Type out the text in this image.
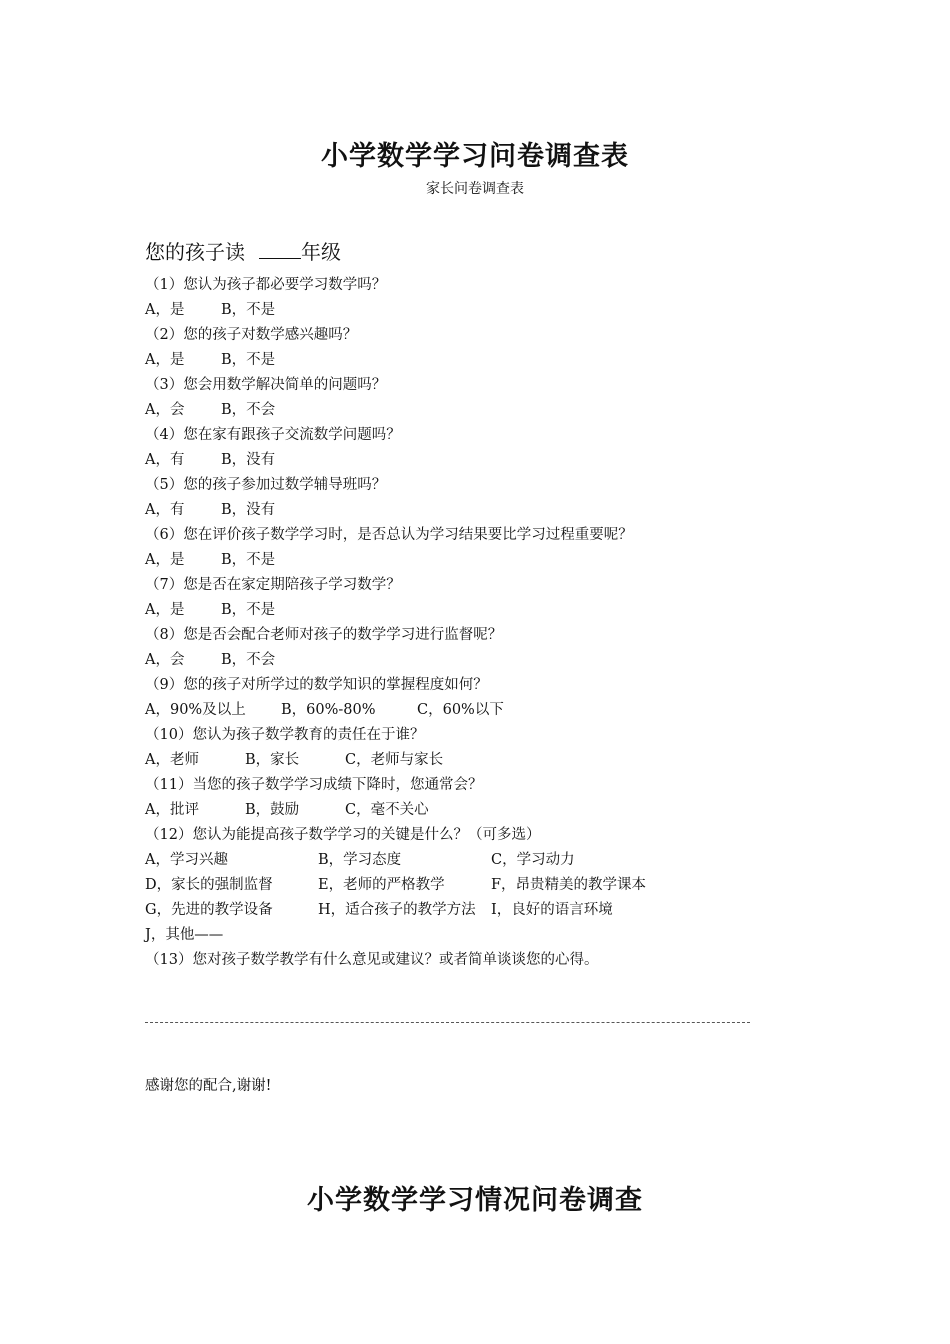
小学数学学习问卷调查表
家长问卷调查表
您的孩子读	年级
（1）您认为孩子都必要学习数学吗？
A，是	B，不是
（2）您的孩子对数学感兴趣吗？
A，是	B，不是
（3）您会用数学解决简单的问题吗？
A，会	B，不会
（4）您在家有跟孩子交流数学问题吗？
A，有	B，没有
（5）您的孩子参加过数学辅导班吗？
A，有	B，没有
（6）您在评价孩子数学学习时，是否总认为学习结果要比学习过程重要呢？
A，是	B，不是
（7）您是否在家定期陪孩子学习数学？
A，是	B，不是
（8）您是否会配合老师对孩子的数学学习进行监督呢？
A，会	B，不会
（9）您的孩子对所学过的数学知识的掌握程度如何？
A，90%及以上	B，60%-80%	C，60%以下
（10）您认为孩子数学教育的责任在于谁？
A，老师	B，家长	C，老师与家长
（11）当您的孩子数学学习成绩下降时，您通常会？
A，批评	B，鼓励	C，毫不关心
（12）您认为能提高孩子数学学习的关键是什么？（可多选）
A，学习兴趣	B，学习态度	C，学习动力
D，家长的强制监督	E，老师的严格教学	F，昂贵精美的教学课本
G，先进的教学设备	H，适合孩子的教学方法	I，良好的语言环境
J，其他——
（13）您对孩子数学教学有什么意见或建议？或者简单谈谈您的心得。
感谢您的配合,谢谢!
小学数学学习情况问卷调查
